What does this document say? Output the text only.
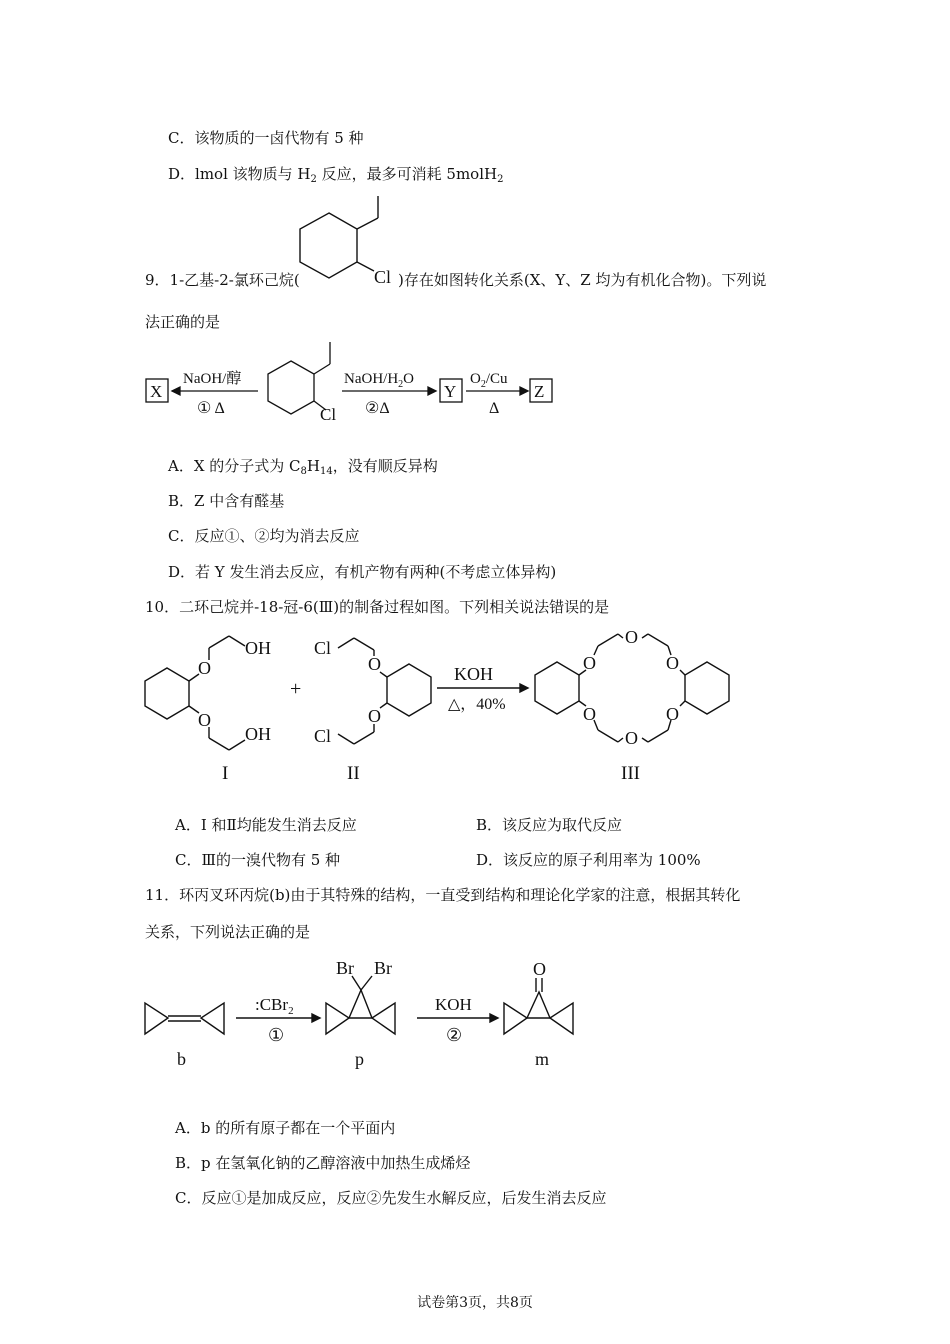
C．该物质的一卤代物有 5 种
D．lmol 该物质与 $H_2$ 反应，最多可消耗 5molH$_2$
9．1-乙基-2-氯环己烷(	Cl )存在如图转化关系(X、Y、Z 均为有机化合物)。下列说
法正确的是
X	Y	Z
NaOH/醇
① Δ	Cl
NaOH/$H_2O$
②Δ
$O_2/Cu$
Δ
A．X 的分子式为 $C_8H_{14}$，没有顺反异构
B．Z 中含有醛基
C．反应①、②均为消去反应
D．若 Y 发生消去反应，有机产物有两种(不考虑立体异构)
10．二环己烷并-18-冠-6(Ⅲ)的制备过程如图。下列相关说法错误的是
O
O
OH
OH
I
+
O
O
Cl
Cl
II
KOH
△，40%
O
O
O
O
O
O
III
A．I 和Ⅱ均能发生消去反应	B．该反应为取代反应
C．Ⅲ的一溴代物有 5 种	D．该反应的原子利用率为 100%
11．环丙叉环丙烷(b)由于其特殊的结构，一直受到结构和理论化学家的注意，根据其转化
关系，下列说法正确的是
:CBr$_2$
①
KOH
②
Br Br	O
b	p	m
A．b 的所有原子都在一个平面内
B．p 在氢氧化钠的乙醇溶液中加热生成烯烃
C．反应①是加成反应，反应②先发生水解反应，后发生消去反应
试卷第3页，共8页
